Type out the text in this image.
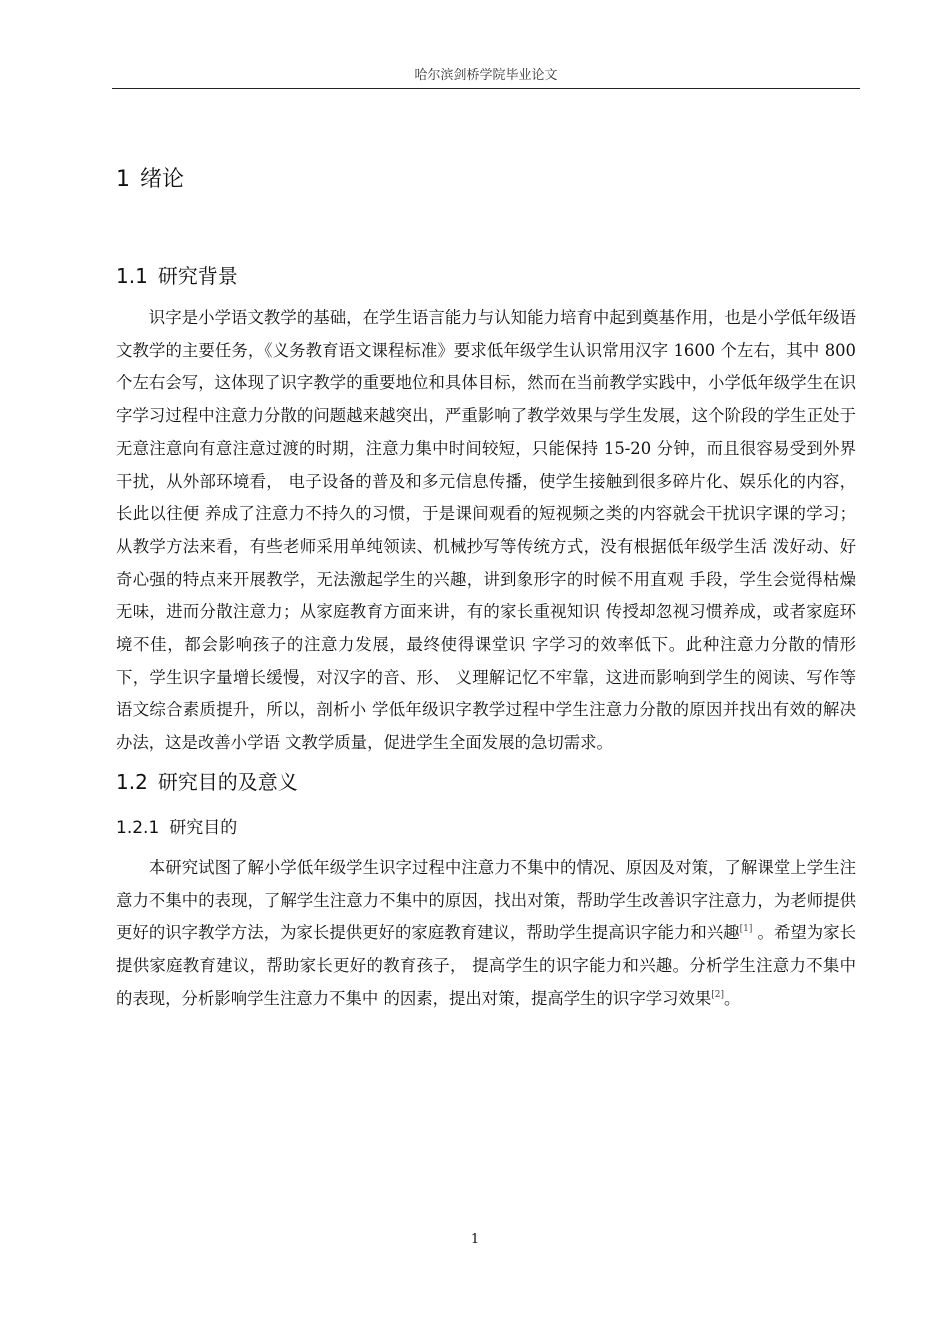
哈尔滨剑桥学院毕业论文
1 绪论
1.1 研究背景

识字是小学语文教学的基础，在学生语言能力与认知能力培育中起到奠基作用，也是小学低年级语文教学的主要任务，《义务教育语文课程标准》要求低年级学生认识常用汉字 1600 个左右，其中 800 个左右会写，这体现了识字教学的重要地位和具体目标，然而在当前教学实践中，小学低年级学生在识字学习过程中注意力分散的问题越来越突出，严重影响了教学效果与学生发展，这个阶段的学生正处于无意注意向有意注意过渡的时期，注意力集中时间较短，只能保持 15-20 分钟，而且很容易受到外界干扰，从外部环境看， 电子设备的普及和多元信息传播，使学生接触到很多碎片化、娱乐化的内容，长此以往便 养成了注意力不持久的习惯，于是课间观看的短视频之类的内容就会干扰识字课的学习； 从教学方法来看，有些老师采用单纯领读、机械抄写等传统方式，没有根据低年级学生活 泼好动、好奇心强的特点来开展教学，无法激起学生的兴趣，讲到象形字的时候不用直观 手段，学生会觉得枯燥无味，进而分散注意力；从家庭教育方面来讲，有的家长重视知识 传授却忽视习惯养成，或者家庭环境不佳，都会影响孩子的注意力发展，最终使得课堂识 字学习的效率低下。此种注意力分散的情形下，学生识字量增长缓慢，对汉字的音、形、 义理解记忆不牢靠，这进而影响到学生的阅读、写作等语文综合素质提升，所以，剖析小 学低年级识字教学过程中学生注意力分散的原因并找出有效的解决办法，这是改善小学语 文教学质量，促进学生全面发展的急切需求。

1.2 研究目的及意义
1.2.1 研究目的

本研究试图了解小学低年级学生识字过程中注意力不集中的情况、原因及对策，了解课堂上学生注意力不集中的表现，了解学生注意力不集中的原因，找出对策，帮助学生改善识字注意力，为老师提供更好的识字教学方法，为家长提供更好的家庭教育建议，帮助学生提高识字能力和兴趣[1] 。希望为家长提供家庭教育建议，帮助家长更好的教育孩子， 提高学生的识字能力和兴趣。分析学生注意力不集中的表现，分析影响学生注意力不集中 的因素，提出对策，提高学生的识字学习效果[2]。

1
